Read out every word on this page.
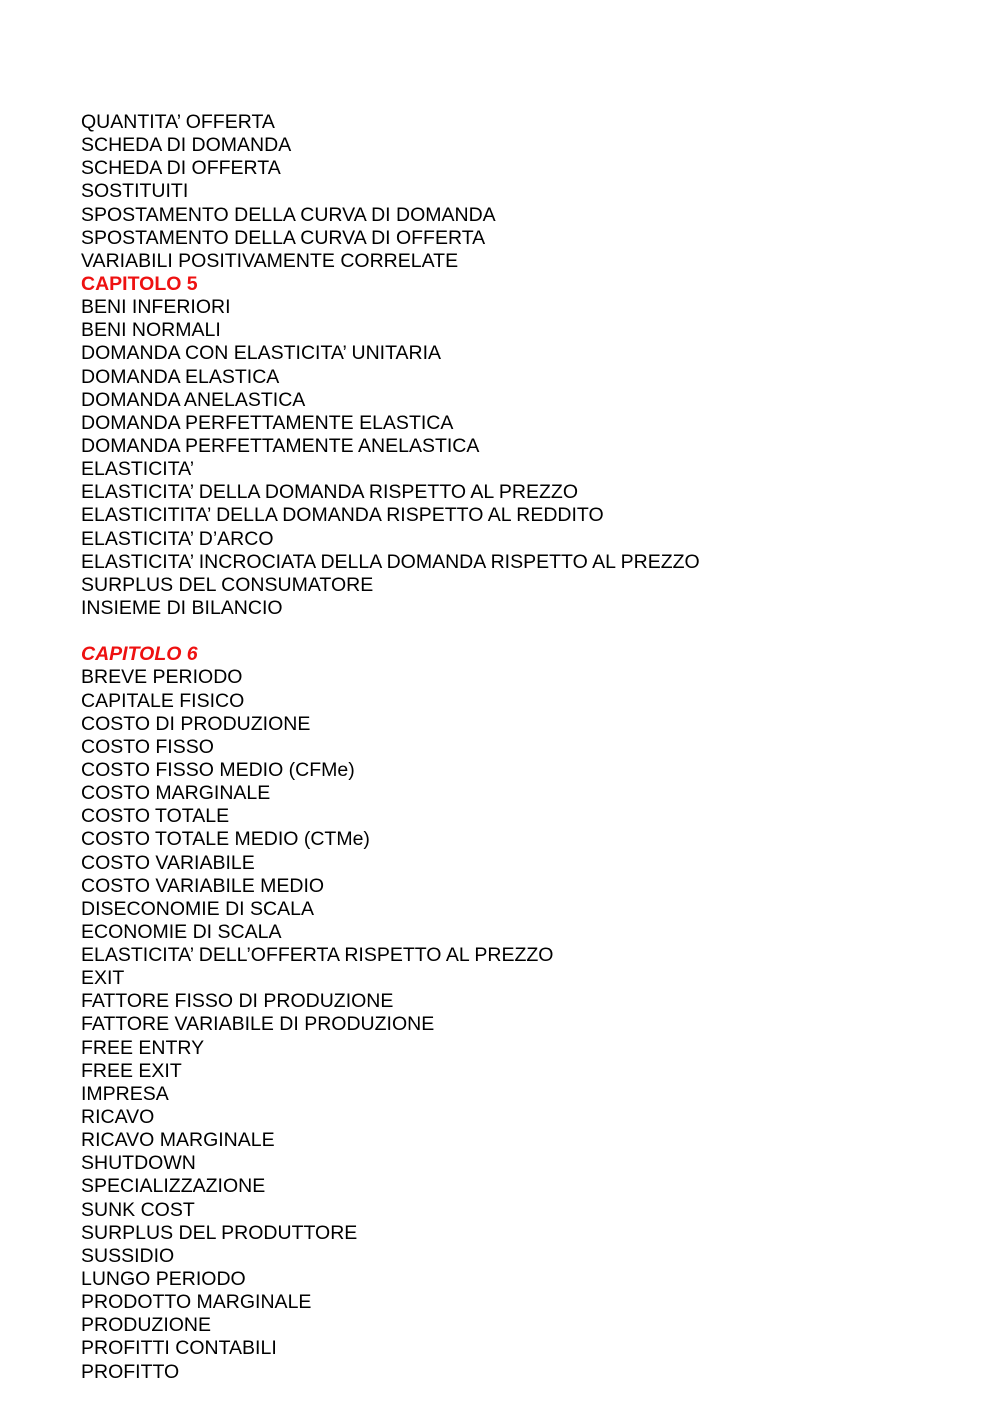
QUANTITA’ OFFERTA
SCHEDA DI DOMANDA
SCHEDA DI OFFERTA
SOSTITUITI
SPOSTAMENTO DELLA CURVA DI DOMANDA
SPOSTAMENTO DELLA CURVA DI OFFERTA
VARIABILI POSITIVAMENTE CORRELATE
CAPITOLO 5
BENI INFERIORI
BENI NORMALI
DOMANDA CON ELASTICITA’ UNITARIA
DOMANDA ELASTICA
DOMANDA ANELASTICA
DOMANDA PERFETTAMENTE ELASTICA
DOMANDA PERFETTAMENTE ANELASTICA
ELASTICITA’
ELASTICITA’ DELLA DOMANDA RISPETTO AL PREZZO
ELASTICITITA’ DELLA DOMANDA RISPETTO AL REDDITO
ELASTICITA’ D’ARCO
ELASTICITA’ INCROCIATA DELLA DOMANDA RISPETTO AL PREZZO
SURPLUS DEL CONSUMATORE
INSIEME DI BILANCIO
CAPITOLO 6
BREVE PERIODO
CAPITALE FISICO
COSTO DI PRODUZIONE
COSTO FISSO
COSTO FISSO MEDIO (CFMe)
COSTO MARGINALE
COSTO TOTALE
COSTO TOTALE MEDIO (CTMe)
COSTO VARIABILE
COSTO VARIABILE MEDIO
DISECONOMIE DI SCALA
ECONOMIE DI SCALA
ELASTICITA’ DELL’OFFERTA RISPETTO AL PREZZO
EXIT
FATTORE FISSO DI PRODUZIONE
FATTORE VARIABILE DI PRODUZIONE
FREE ENTRY
FREE EXIT
IMPRESA
RICAVO
RICAVO MARGINALE
SHUTDOWN
SPECIALIZZAZIONE
SUNK COST
SURPLUS DEL PRODUTTORE
SUSSIDIO
LUNGO PERIODO
PRODOTTO MARGINALE
PRODUZIONE
PROFITTI CONTABILI
PROFITTO
